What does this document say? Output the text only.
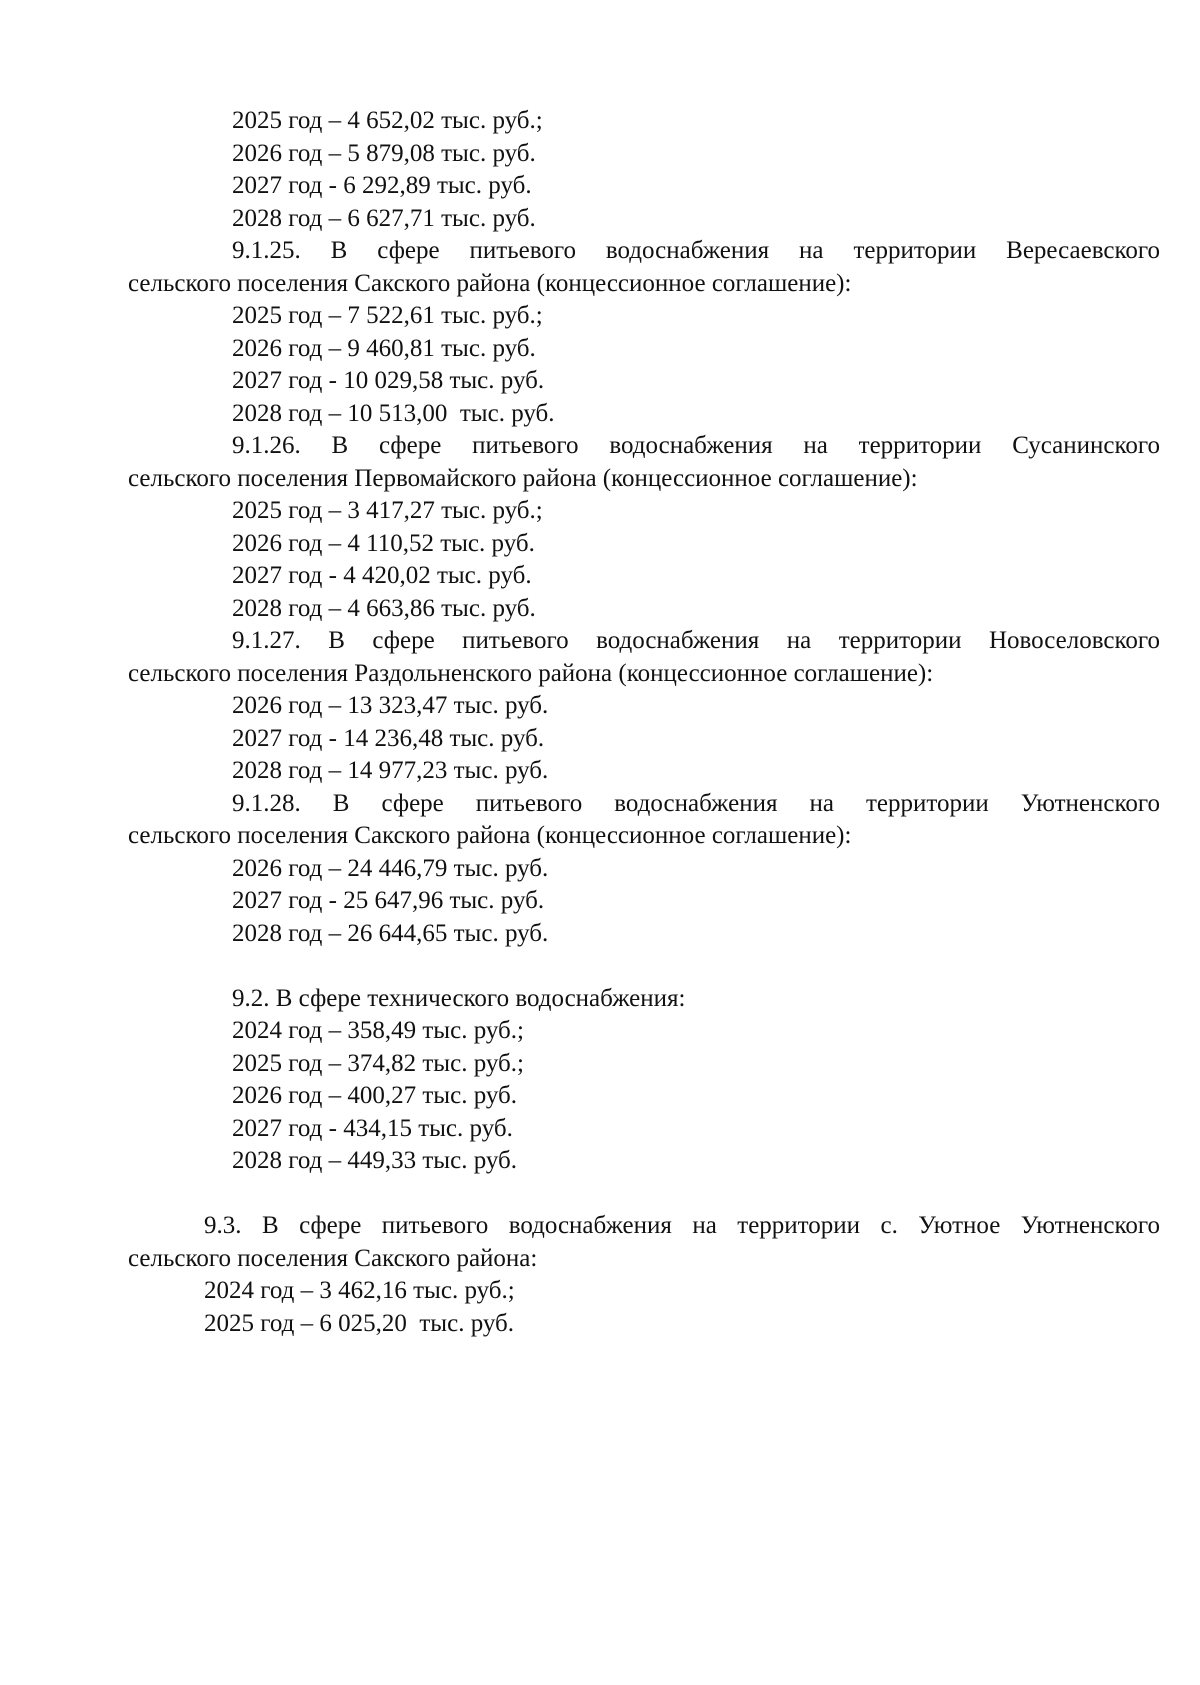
2025 год – 4 652,02 тыс. руб.;
2026 год – 5 879,08 тыс. руб.
2027 год - 6 292,89 тыс. руб.
2028 год – 6 627,71 тыс. руб.
9.1.25. В сфере питьевого водоснабжения на территории Вересаевского
сельского поселения Сакского района (концессионное соглашение):
2025 год – 7 522,61 тыс. руб.;
2026 год – 9 460,81 тыс. руб.
2027 год - 10 029,58 тыс. руб.
2028 год – 10 513,00  тыс. руб.
9.1.26. В сфере питьевого водоснабжения на территории Сусанинского
сельского поселения Первомайского района (концессионное соглашение):
2025 год – 3 417,27 тыс. руб.;
2026 год – 4 110,52 тыс. руб.
2027 год - 4 420,02 тыс. руб.
2028 год – 4 663,86 тыс. руб.
9.1.27. В сфере питьевого водоснабжения на территории Новоселовского
сельского поселения Раздольненского района (концессионное соглашение):
2026 год – 13 323,47 тыс. руб.
2027 год - 14 236,48 тыс. руб.
2028 год – 14 977,23 тыс. руб.
9.1.28. В сфере питьевого водоснабжения на территории Уютненского
сельского поселения Сакского района (концессионное соглашение):
2026 год – 24 446,79 тыс. руб.
2027 год - 25 647,96 тыс. руб.
2028 год – 26 644,65 тыс. руб.
9.2. В сфере технического водоснабжения:
2024 год – 358,49 тыс. руб.;
2025 год – 374,82 тыс. руб.;
2026 год – 400,27 тыс. руб.
2027 год - 434,15 тыс. руб.
2028 год – 449,33 тыс. руб.
9.3. В сфере питьевого водоснабжения на территории с. Уютное Уютненского
сельского поселения Сакского района:
2024 год – 3 462,16 тыс. руб.;
2025 год – 6 025,20  тыс. руб.
